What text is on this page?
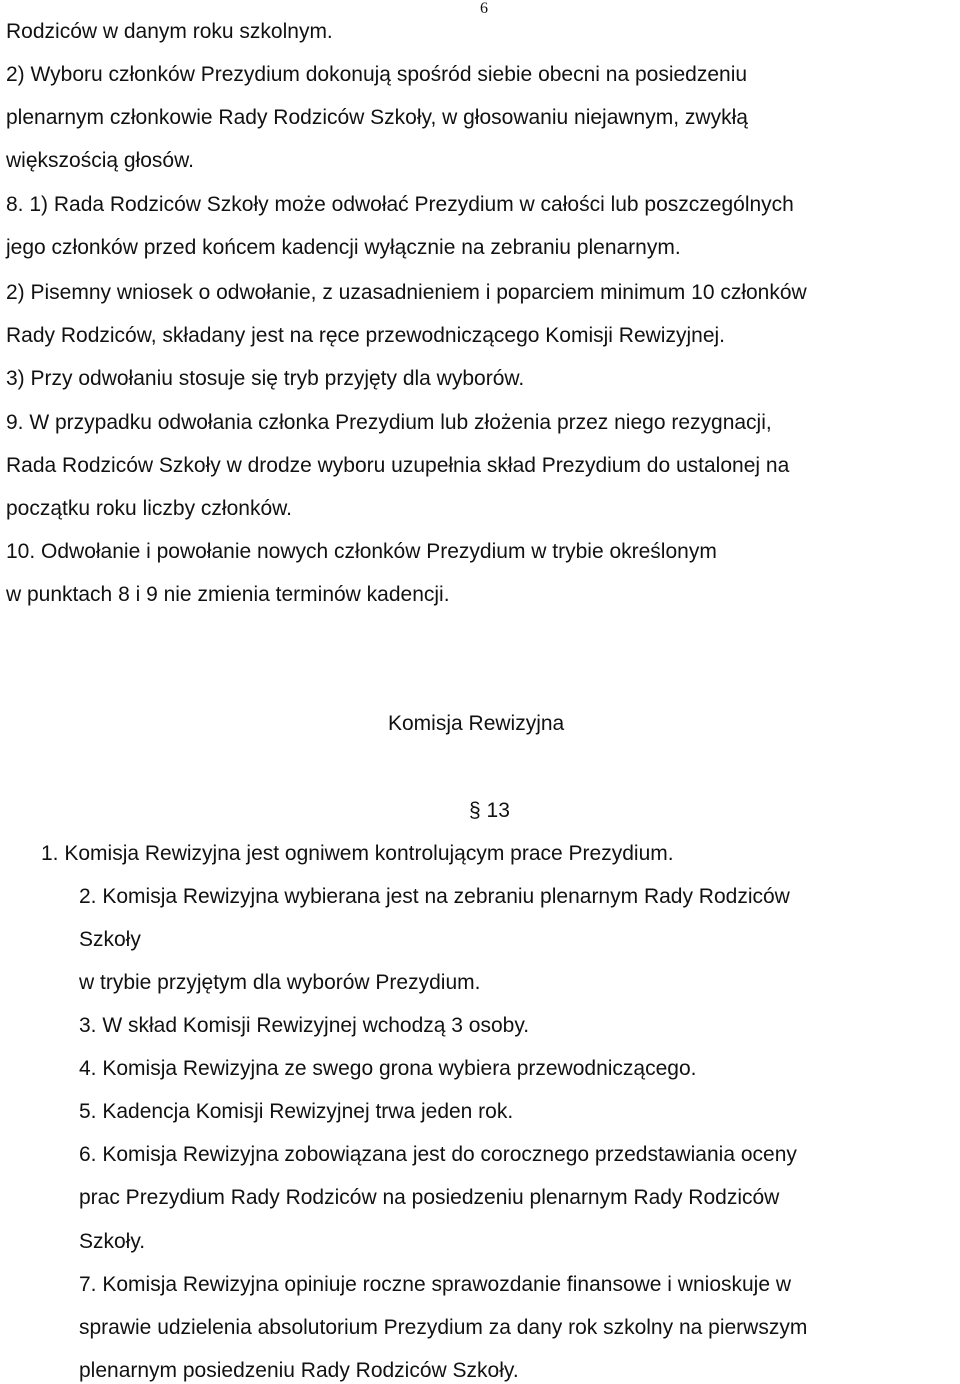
6
Rodziców w danym roku szkolnym.
2) Wyboru członków Prezydium dokonują spośród siebie obecni na posiedzeniu
plenarnym członkowie Rady Rodziców Szkoły, w głosowaniu niejawnym, zwykłą
większością głosów.
8. 1) Rada Rodziców Szkoły może odwołać Prezydium w całości lub poszczególnych
jego członków przed końcem kadencji wyłącznie na zebraniu plenarnym.
2) Pisemny wniosek o odwołanie, z uzasadnieniem i poparciem minimum 10 członków
Rady Rodziców, składany jest na ręce przewodniczącego Komisji Rewizyjnej.
3) Przy odwołaniu stosuje się tryb przyjęty dla wyborów.
9. W przypadku odwołania członka Prezydium lub złożenia przez niego rezygnacji,
Rada Rodziców Szkoły w drodze wyboru uzupełnia skład Prezydium do ustalonej na
początku roku liczby członków.
10. Odwołanie i powołanie nowych członków Prezydium w trybie określonym
w punktach 8 i 9 nie zmienia terminów kadencji.
Komisja Rewizyjna
§ 13
1. Komisja Rewizyjna jest ogniwem kontrolującym prace Prezydium.
2. Komisja Rewizyjna wybierana jest na zebraniu plenarnym Rady Rodziców
Szkoły
w trybie przyjętym dla wyborów Prezydium.
3. W skład Komisji Rewizyjnej wchodzą 3 osoby.
4. Komisja Rewizyjna ze swego grona wybiera przewodniczącego.
5. Kadencja Komisji Rewizyjnej trwa jeden rok.
6. Komisja Rewizyjna zobowiązana jest do corocznego przedstawiania oceny
prac Prezydium Rady Rodziców na posiedzeniu plenarnym Rady Rodziców
Szkoły.
7. Komisja Rewizyjna opiniuje roczne sprawozdanie finansowe i wnioskuje w
sprawie udzielenia absolutorium Prezydium za dany rok szkolny na pierwszym
plenarnym posiedzeniu Rady Rodziców Szkoły.
